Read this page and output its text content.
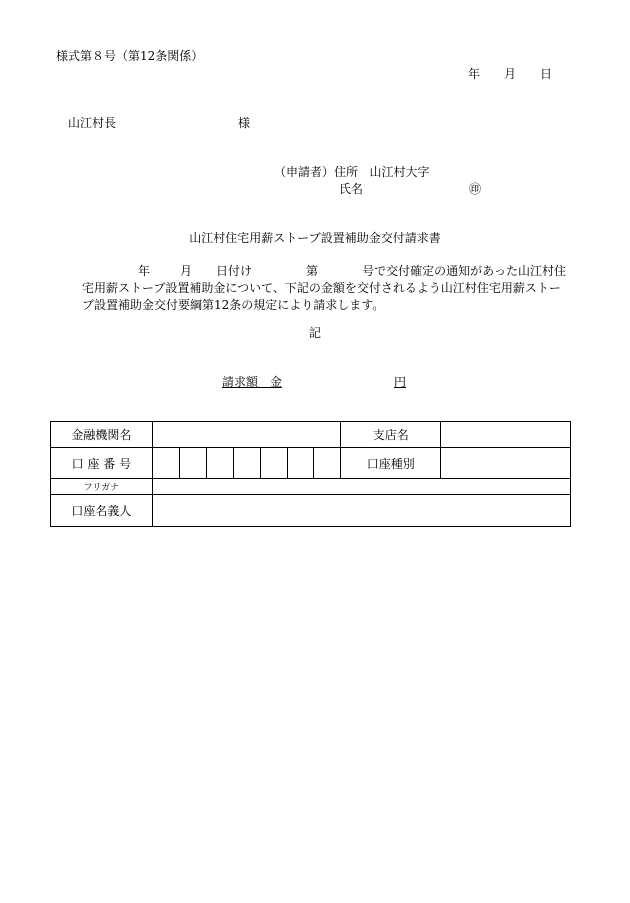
様式第８号（第12条関係）
年 月 日
山江村長	様
（申請者）住所 山江村大字
氏名	㊞
山江村住宅用薪ストーブ設置補助金交付請求書
年	月 日付け	第	号で交付確定の通知があった山江村住宅用薪ストーブ設置補助金について、下記の金額を交付されるよう山江村住宅用薪ストーブ設置補助金交付要綱第12条の規定により請求します。
記
請求額　金	円
金融機関名								支店名	
口 座 番 号								口座種別	
フリガナ									
口座名義人									
